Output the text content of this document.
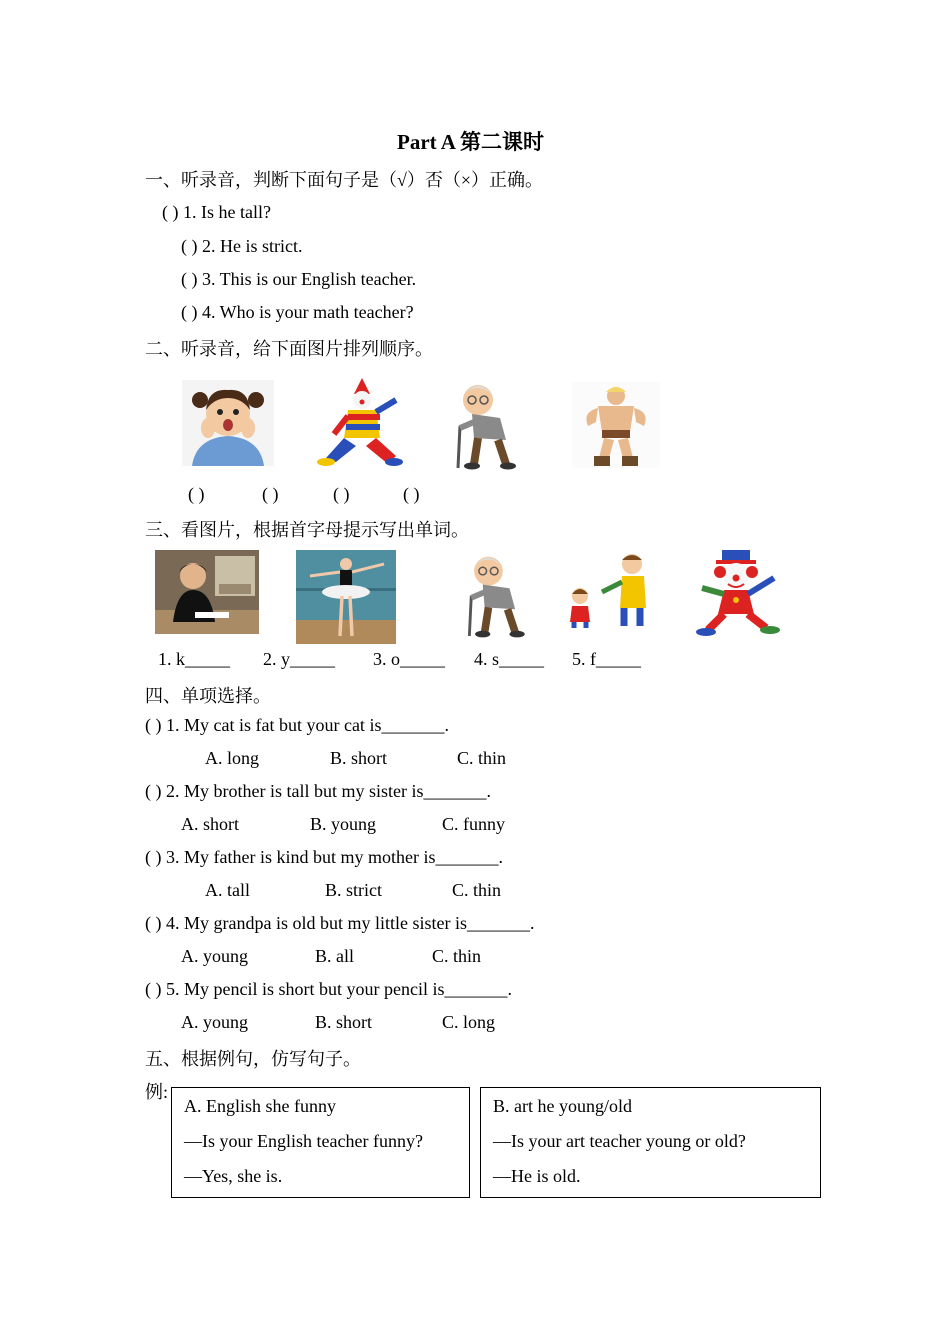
Part A 第二课时
一、听录音，判断下面句子是（√）否（×）正确。
( ) 1. Is he tall?
( ) 2. He is strict.
( ) 3. This is our English teacher.
( ) 4. Who is your math teacher?
二、听录音，给下面图片排列顺序。
( )	( )	( )	( )
三、看图片，根据首字母提示写出单词。
1. k_____ 2. y_____ 3. o_____ 4. s_____ 5. f_____
四、单项选择。
( ) 1. My cat is fat but your cat is_______.
A. long	B. short	C. thin
( ) 2. My brother is tall but my sister is_______.
A. short	B. young	C. funny
( ) 3. My father is kind but my mother is_______.
A. tall	B. strict	C. thin
( ) 4. My grandpa is old but my little sister is_______.
A. young	B. all	C. thin
( ) 5. My pencil is short but your pencil is_______.
A. young	B. short	C. long
五、根据例句，仿写句子。
例:
A. English she funny
—Is your English teacher funny?
—Yes, she is.
B. art he young/old
—Is your art teacher young or old?
—He is old.
